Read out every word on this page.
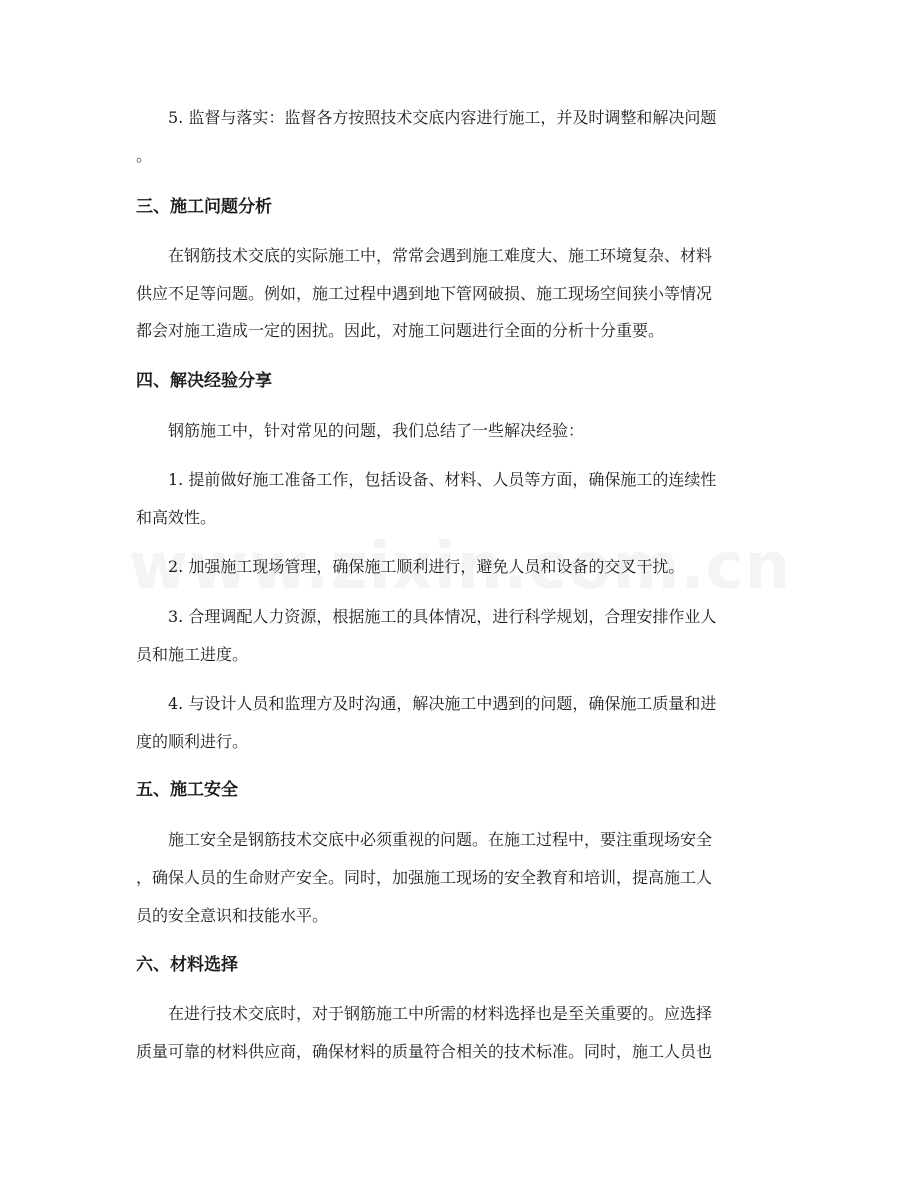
5. 监督与落实：监督各方按照技术交底内容进行施工，并及时调整和解决问题
。
三、施工问题分析
在钢筋技术交底的实际施工中，常常会遇到施工难度大、施工环境复杂、材料
供应不足等问题。例如，施工过程中遇到地下管网破损、施工现场空间狭小等情况
都会对施工造成一定的困扰。因此，对施工问题进行全面的分析十分重要。
四、解决经验分享
钢筋施工中，针对常见的问题，我们总结了一些解决经验：
1. 提前做好施工准备工作，包括设备、材料、人员等方面，确保施工的连续性
和高效性。
2. 加强施工现场管理，确保施工顺利进行，避免人员和设备的交叉干扰。
3. 合理调配人力资源，根据施工的具体情况，进行科学规划，合理安排作业人
员和施工进度。
4. 与设计人员和监理方及时沟通，解决施工中遇到的问题，确保施工质量和进
度的顺利进行。
五、施工安全
施工安全是钢筋技术交底中必须重视的问题。在施工过程中，要注重现场安全
，确保人员的生命财产安全。同时，加强施工现场的安全教育和培训，提高施工人
员的安全意识和技能水平。
六、材料选择
在进行技术交底时，对于钢筋施工中所需的材料选择也是至关重要的。应选择
质量可靠的材料供应商，确保材料的质量符合相关的技术标准。同时，施工人员也
